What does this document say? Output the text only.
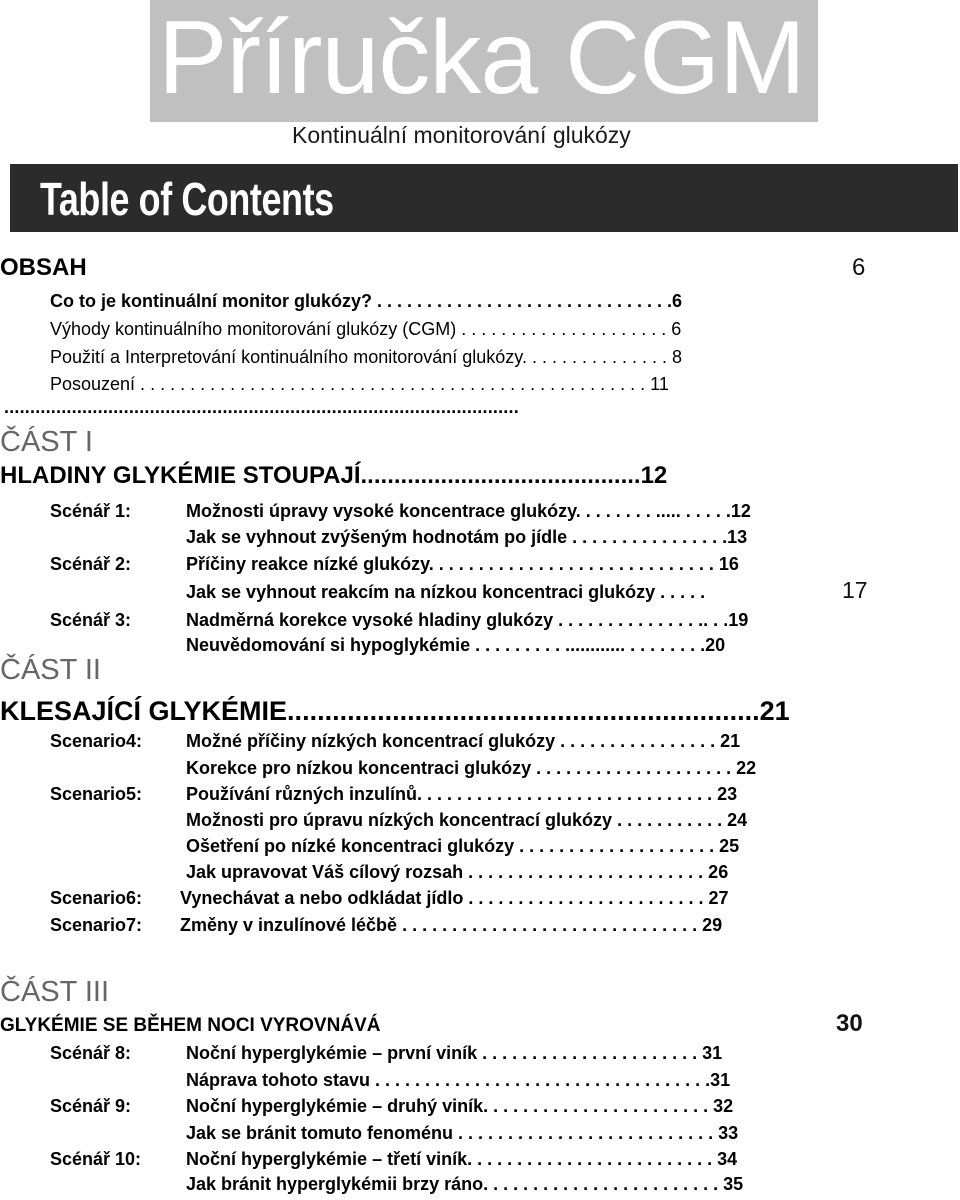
Příručka CGM
Kontinuální monitorování glukózy
Table of Contents
OBSAH	6
Co to je kontinuální monitor glukózy? . . . . . . . . . . . . . . . . . . . . . . . . . . . . . .6
Výhody kontinuálního monitorování glukózy (CGM) . . . . . . . . . . . . . . . . . . . . . 6
Použití a Interpretování kontinuálního monitorování glukózy. . . . . . . . . . . . . . . 8
Posouzení . . . . . . . . . . . . . . . . . . . . . . . . . . . . . . . . . . . . . . . . . . . . . . . . . . . 11
...................................................................................................
ČÁST I
HLADINY GLYKÉMIE STOUPAJÍ..........................................12
Scénář 1:	Možnosti úpravy vysoké koncentrace glukózy. . . . . . . . ..... . . . . .12
Jak se vyhnout zvýšeným hodnotám po jídle . . . . . . . . . . . . . . . .13
Scénář 2:	Příčiny reakce nízké glukózy. . . . . . . . . . . . . . . . . . . . . . . . . . . . . 16
Jak se vyhnout reakcím na nízkou koncentraci glukózy . . . . .	17
Scénář 3:	Nadměrná korekce vysoké hladiny glukózy . . . . . . . . . . . . . . .. . .19
Neuvědomování si hypoglykémie . . . . . . . . . ............ . . . . . . . .20
ČÁST II
KLESAJÍCÍ GLYKÉMIE...............................................................21
Scenario4: Možné příčiny nízkých koncentrací glukózy . . . . . . . . . . . . . . . . 21
Korekce pro nízkou koncentraci glukózy . . . . . . . . . . . . . . . . . . . . 22
Scenario5: Používání různých inzulínů. . . . . . . . . . . . . . . . . . . . . . . . . . . . . . 23
Možnosti pro úpravu nízkých koncentrací glukózy . . . . . . . . . . . 24
Ošetření po nízké koncentraci glukózy . . . . . . . . . . . . . . . . . . . . 25
Jak upravovat Váš cílový rozsah . . . . . . . . . . . . . . . . . . . . . . . . 26
Scenario6: Vynechávat a nebo odkládat jídlo . . . . . . . . . . . . . . . . . . . . . . . . 27
Scenario7: Změny v inzulínové léčbě . . . . . . . . . . . . . . . . . . . . . . . . . . . . . . 29
ČÁST III
GLYKÉMIE SE BĚHEM NOCI VYROVNÁVÁ	30
Scénář 8:	Noční hyperglykémie – první viník . . . . . . . . . . . . . . . . . . . . . . 31
Náprava tohoto stavu . . . . . . . . . . . . . . . . . . . . . . . . . . . . . . . . . .31
Scénář 9:	Noční hyperglykémie – druhý viník. . . . . . . . . . . . . . . . . . . . . . . 32
Jak se bránit tomuto fenoménu . . . . . . . . . . . . . . . . . . . . . . . . . . 33
Scénář 10: Noční hyperglykémie – třetí viník. . . . . . . . . . . . . . . . . . . . . . . . . 34
Jak bránit hyperglykémii brzy ráno. . . . . . . . . . . . . . . . . . . . . . . . 35
